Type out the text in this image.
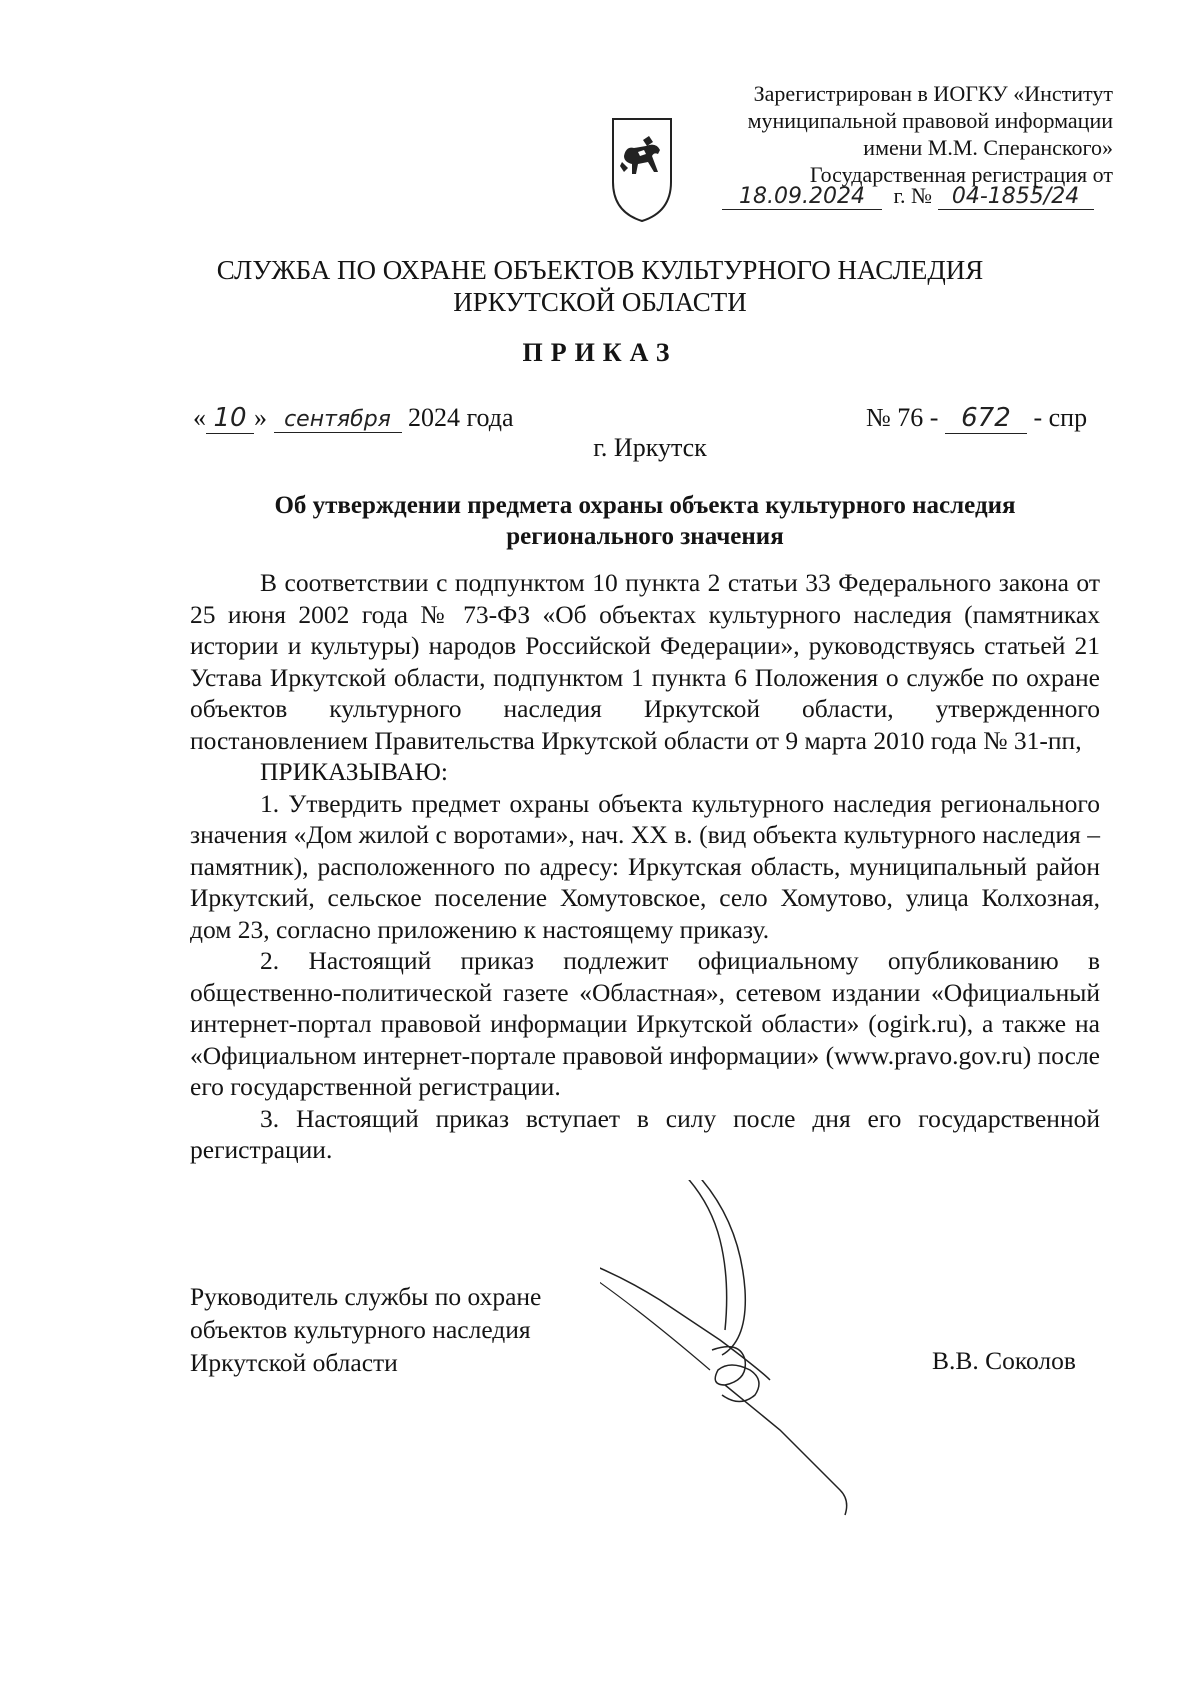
Зарегистрирован в ИОГКУ «Институт
муниципальной правовой информации
имени М.М. Сперанского»
Государственная регистрация от
18.09.2024 г. № 04-1855/24
СЛУЖБА ПО ОХРАНЕ ОБЪЕКТОВ КУЛЬТУРНОГО НАСЛЕДИЯ
ИРКУТСКОЙ ОБЛАСТИ
ПРИКАЗ
« 10 » сентября 2024 года	№ 76 - 672 - спр
г. Иркутск
Об утверждении предмета охраны объекта культурного наследия
регионального значения

В соответствии с подпунктом 10 пункта 2 статьи 33 Федерального закона от 25 июня 2002 года № 73-ФЗ «Об объектах культурного наследия (памятниках истории и культуры) народов Российской Федерации», руководствуясь статьей 21 Устава Иркутской области, подпунктом 1 пункта 6 Положения о службе по охране объектов культурного наследия Иркутской области, утвержденного постановлением Правительства Иркутской области от 9 марта 2010 года № 31-пп,

ПРИКАЗЫВАЮ:

1. Утвердить предмет охраны объекта культурного наследия регионального значения «Дом жилой с воротами», нач. XX в. (вид объекта культурного наследия – памятник), расположенного по адресу: Иркутская область, муниципальный район Иркутский, сельское поселение Хомутовское, село Хомутово, улица Колхозная, дом 23, согласно приложению к настоящему приказу.

2. Настоящий приказ подлежит официальному опубликованию в общественно-политической газете «Областная», сетевом издании «Официальный интернет-портал правовой информации Иркутской области» (ogirk.ru), а также на «Официальном интернет-портале правовой информации» (www.pravo.gov.ru) после его государственной регистрации.

3. Настоящий приказ вступает в силу после дня его государственной регистрации.

Руководитель службы по охране
объектов культурного наследия
Иркутской области	В.В. Соколов
